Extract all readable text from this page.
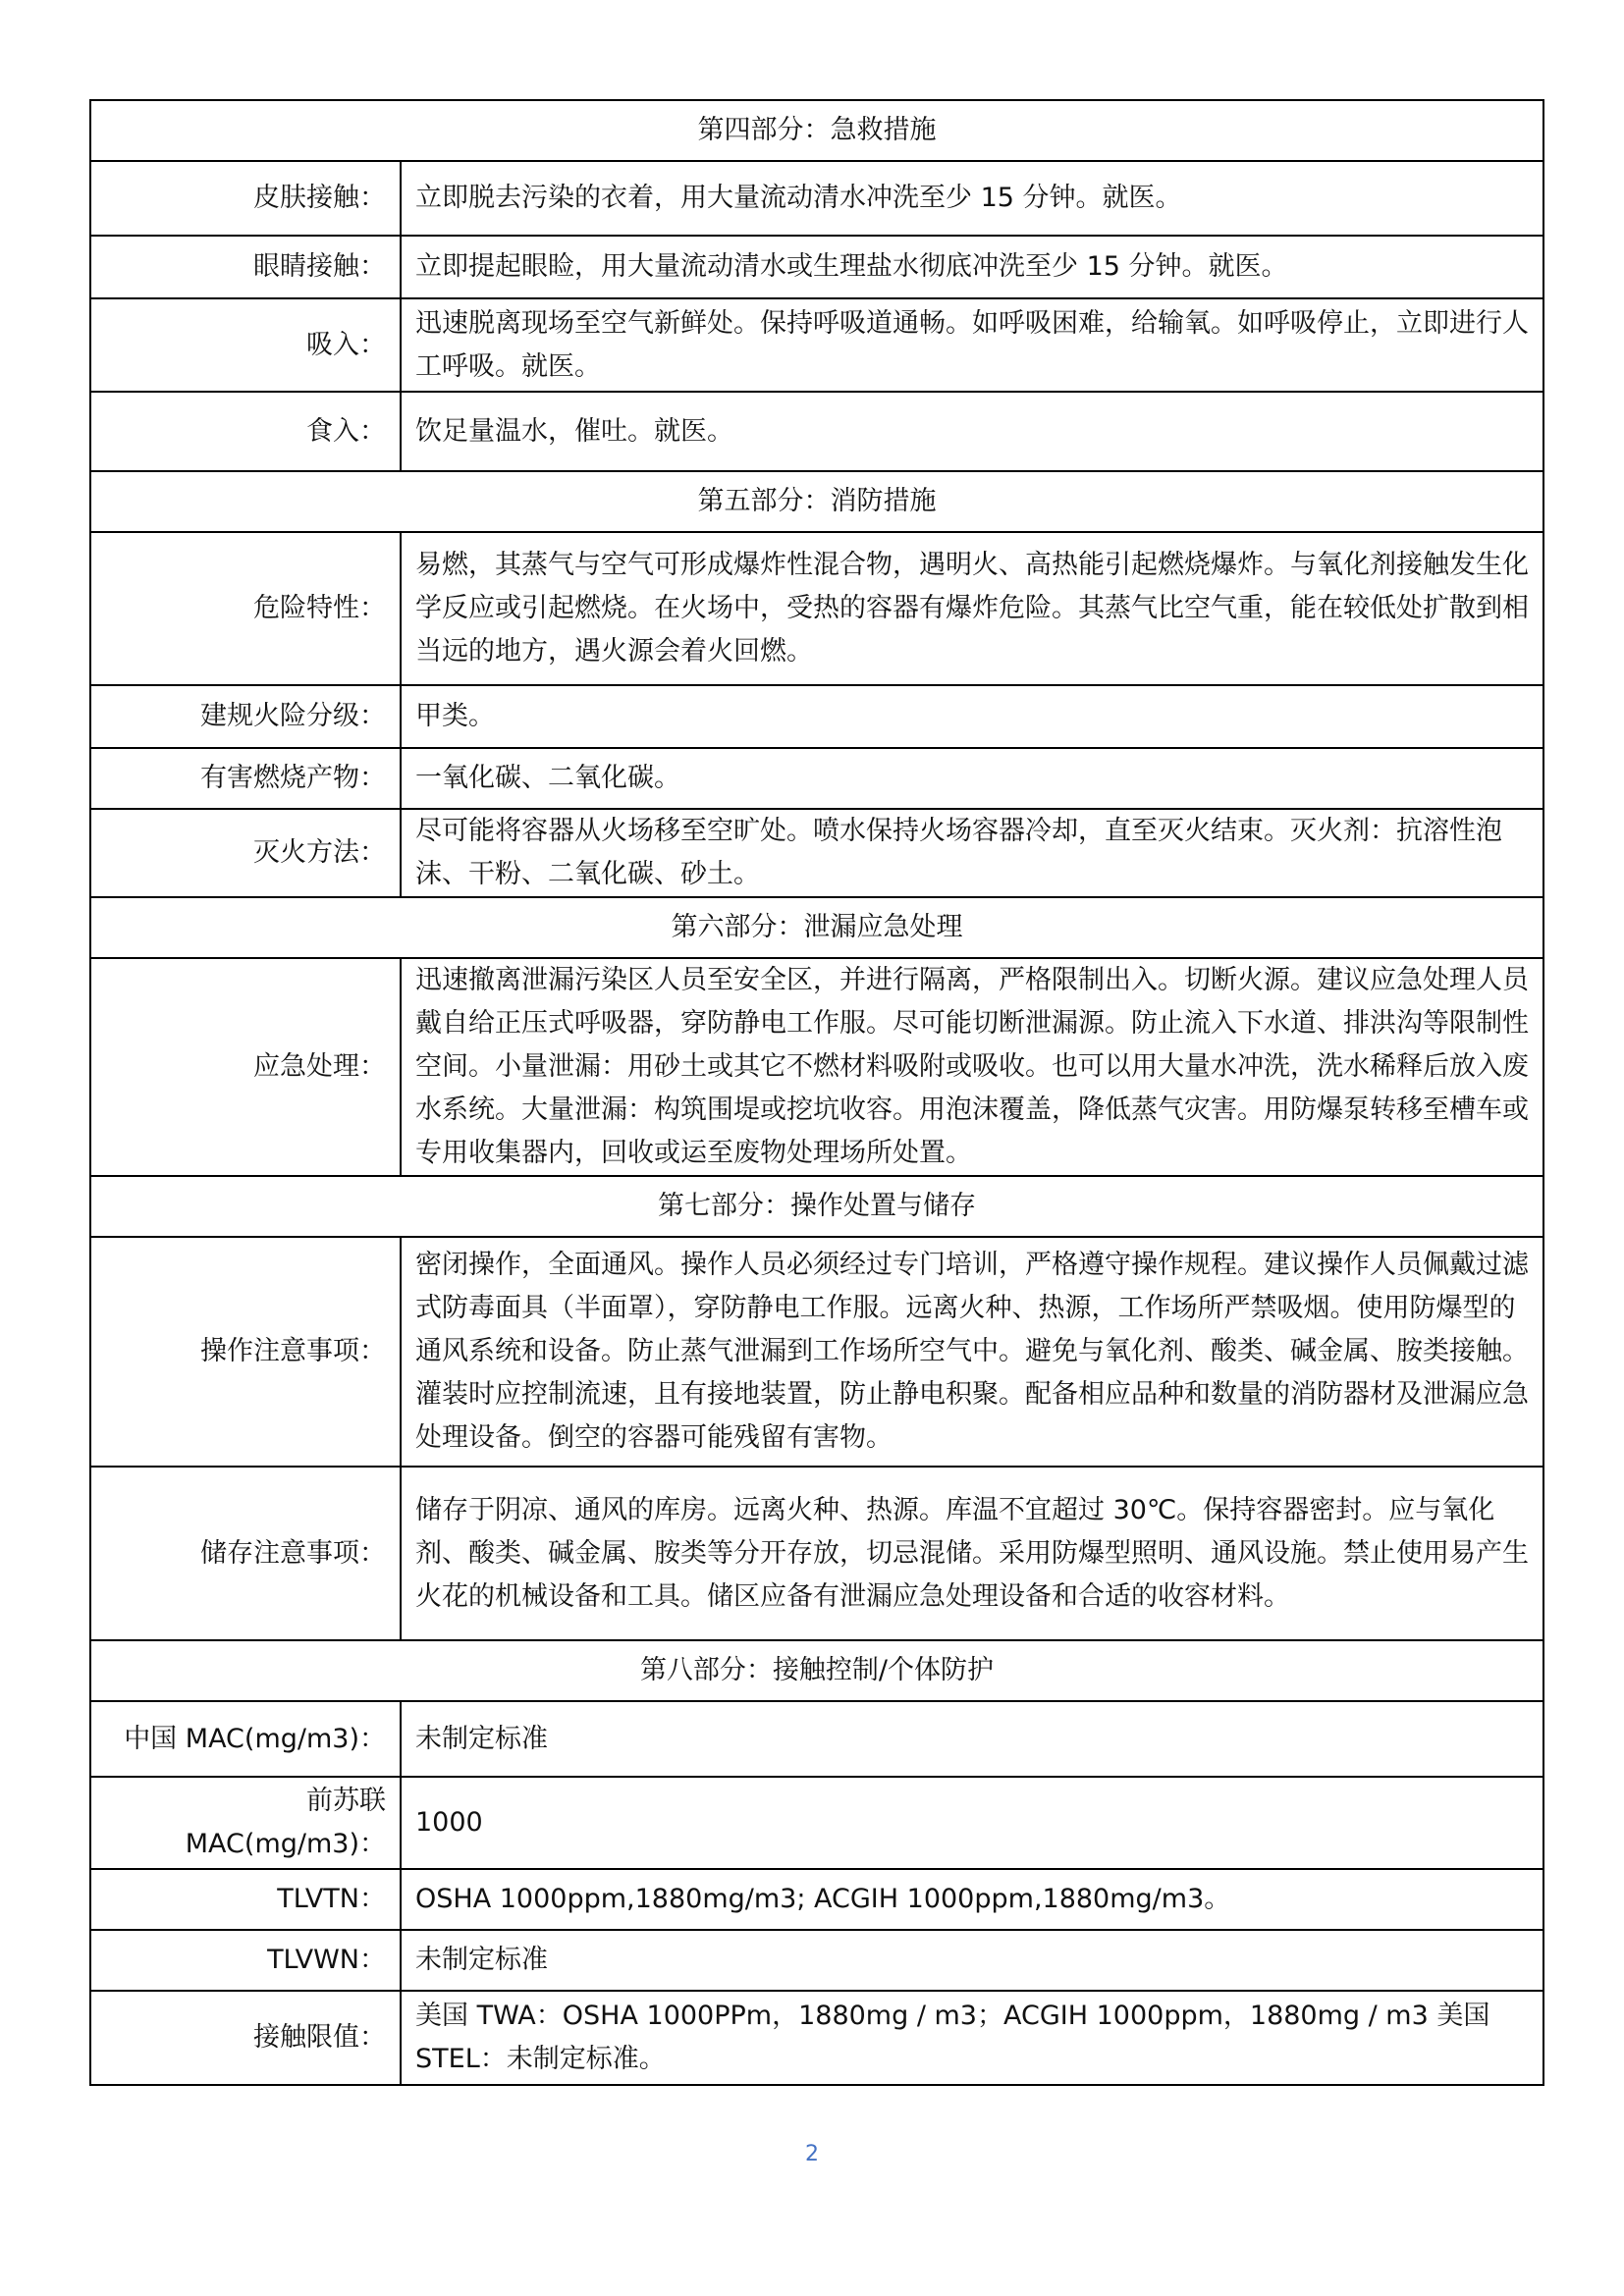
第四部分：急救措施	
皮肤接触：	立即脱去污染的衣着，用大量流动清水冲洗至少 15 分钟。就医。
眼睛接触：	立即提起眼睑，用大量流动清水或生理盐水彻底冲洗至少 15 分钟。就医。
吸入：	迅速脱离现场至空气新鲜处。保持呼吸道通畅。如呼吸困难，给输氧。如呼吸停止，立即进行人工呼吸。就医。
食入：	饮足量温水，催吐。就医。
第五部分：消防措施	
危险特性：	易燃，其蒸气与空气可形成爆炸性混合物，遇明火、高热能引起燃烧爆炸。与氧化剂接触发生化学反应或引起燃烧。在火场中，受热的容器有爆炸危险。其蒸气比空气重，能在较低处扩散到相当远的地方，遇火源会着火回燃。
建规火险分级：	甲类。
有害燃烧产物：	一氧化碳、二氧化碳。
灭火方法：	尽可能将容器从火场移至空旷处。喷水保持火场容器冷却，直至灭火结束。灭火剂：抗溶性泡沫、干粉、二氧化碳、砂土。
第六部分：泄漏应急处理	
应急处理：	迅速撤离泄漏污染区人员至安全区，并进行隔离，严格限制出入。切断火源。建议应急处理人员戴自给正压式呼吸器，穿防静电工作服。尽可能切断泄漏源。防止流入下水道、排洪沟等限制性空间。小量泄漏：用砂土或其它不燃材料吸附或吸收。也可以用大量水冲洗，洗水稀释后放入废水系统。大量泄漏：构筑围堤或挖坑收容。用泡沫覆盖，降低蒸气灾害。用防爆泵转移至槽车或专用收集器内，回收或运至废物处理场所处置。
第七部分：操作处置与储存	
操作注意事项：	密闭操作，全面通风。操作人员必须经过专门培训，严格遵守操作规程。建议操作人员佩戴过滤式防毒面具（半面罩），穿防静电工作服。远离火种、热源，工作场所严禁吸烟。使用防爆型的通风系统和设备。防止蒸气泄漏到工作场所空气中。避免与氧化剂、酸类、碱金属、胺类接触。灌装时应控制流速，且有接地装置，防止静电积聚。配备相应品种和数量的消防器材及泄漏应急处理设备。倒空的容器可能残留有害物。
储存注意事项：	储存于阴凉、通风的库房。远离火种、热源。库温不宜超过 30℃。保持容器密封。应与氧化剂、酸类、碱金属、胺类等分开存放，切忌混储。采用防爆型照明、通风设施。禁止使用易产生火花的机械设备和工具。储区应备有泄漏应急处理设备和合适的收容材料。
第八部分：接触控制/个体防护	
中国 MAC(mg/m3)：	未制定标准
前苏联 MAC(mg/m3)：	1000
TLVTN：	OSHA 1000ppm,1880mg/m3; ACGIH 1000ppm,1880mg/m3。
TLVWN：	未制定标准
接触限值：	美国 TWA：OSHA 1000PPm，1880mg / m3；ACGIH 1000ppm，1880mg / m3 美国 STEL：未制定标准。
2
